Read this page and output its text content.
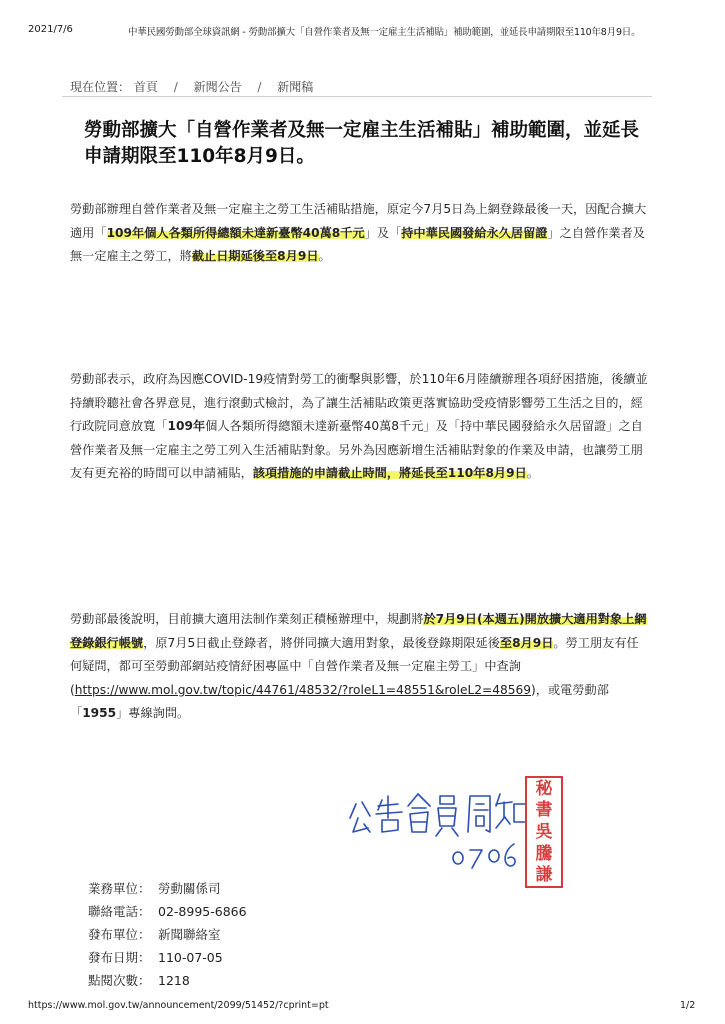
2021/7/6	中華民國勞動部全球資訊網 - 勞動部擴大「自營作業者及無一定雇主生活補貼」補助範圍，並延長申請期限至110年8月9日。
現在位置： 首頁 / 新聞公告 / 新聞稿
勞動部擴大「自營作業者及無一定雇主生活補貼」補助範圍，並延長申請期限至110年8月9日。
勞動部辦理自營作業者及無一定雇主之勞工生活補貼措施，原定今7月5日為上網登錄最後一天，因配合擴大適用「109年個人各類所得總額未達新臺幣40萬8千元」及「持中華民國發給永久居留證」之自營作業者及無一定雇主之勞工，將截止日期延後至8月9日。
勞動部表示，政府為因應COVID-19疫情對勞工的衝擊與影響，於110年6月陸續辦理各項紓困措施，後續並持續聆聽社會各界意見，進行滾動式檢討，為了讓生活補貼政策更落實協助受疫情影響勞工生活之目的，經行政院同意放寬「109年個人各類所得總額未達新臺幣40萬8千元」及「持中華民國發給永久居留證」之自營作業者及無一定雇主之勞工列入生活補貼對象。另外為因應新增生活補貼對象的作業及申請，也讓勞工朋友有更充裕的時間可以申請補貼，該項措施的申請截止時間，將延長至110年8月9日。
勞動部最後說明，目前擴大適用法制作業刻正積極辦理中，規劃將於7月9日(本週五)開放擴大適用對象上網登錄銀行帳號，原7月5日截止登錄者，將併同擴大適用對象，最後登錄期限延後至8月9日。勞工朋友有任何疑問，都可至勞動部網站疫情紓困專區中「自營作業者及無一定雇主勞工」中查詢(https://www.mol.gov.tw/topic/44761/48532/?roleL1=48551&roleL2=48569)，或電勞動部「1955」專線詢問。
秘
書
吳
騰
謙
業務單位： 勞動關係司
聯絡電話： 02-8995-6866
發布單位： 新聞聯絡室
發布日期： 110-07-05
點閱次數： 1218
https://www.mol.gov.tw/announcement/2099/51452/?cprint=pt	1/2
